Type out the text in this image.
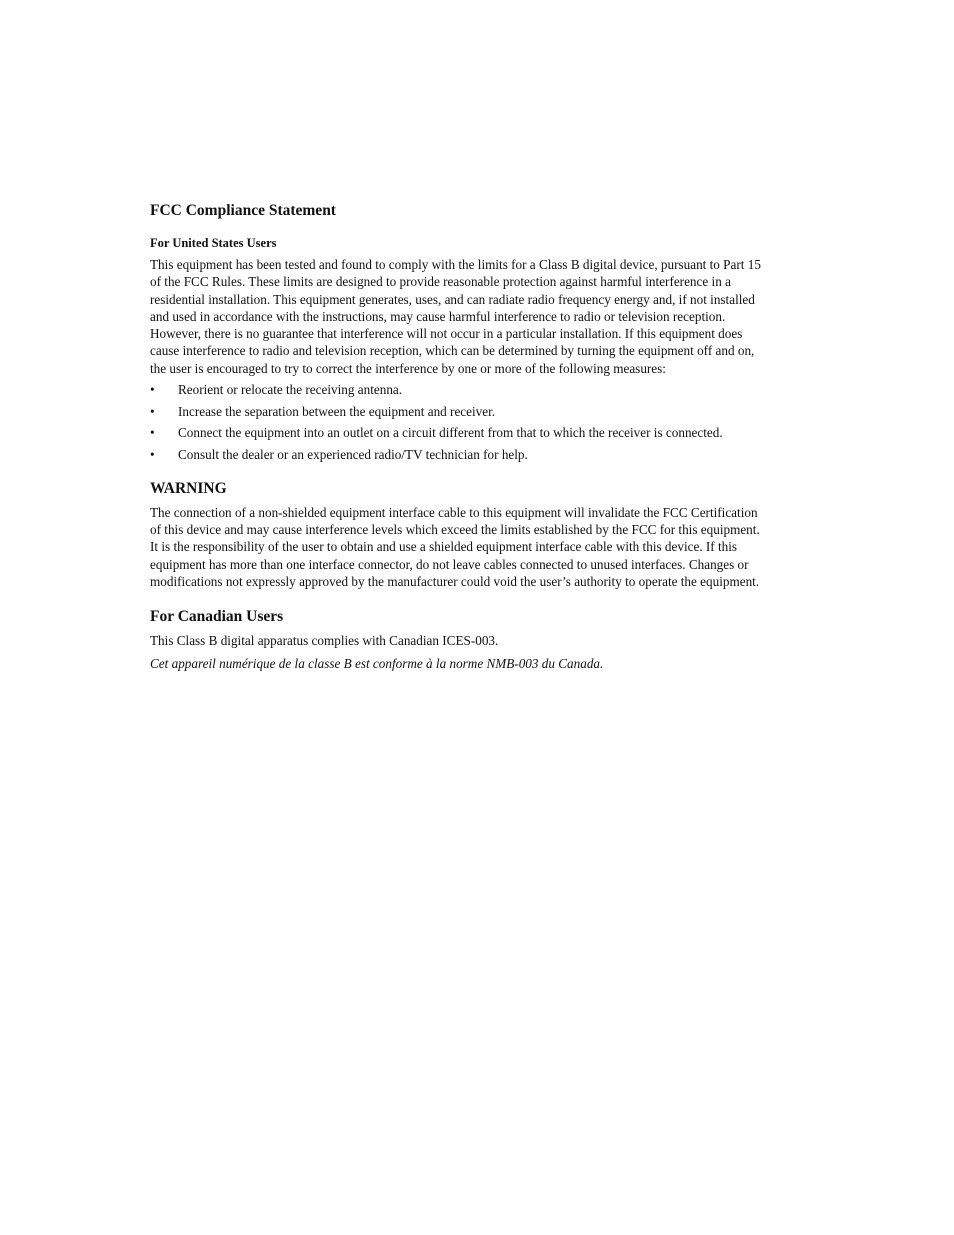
FCC Compliance Statement
For United States Users

This equipment has been tested and found to comply with the limits for a Class B digital device, pursuant to Part 15 of the FCC Rules. These limits are designed to provide reasonable protection against harmful interference in a residential installation. This equipment generates, uses, and can radiate radio frequency energy and, if not installed and used in accordance with the instructions, may cause harmful interference to radio or television reception. However, there is no guarantee that interference will not occur in a particular installation. If this equipment does cause interference to radio and television reception, which can be determined by turning the equipment off and on, the user is encouraged to try to correct the interference by one or more of the following measures:

•	Reorient or relocate the receiving antenna.
•	Increase the separation between the equipment and receiver.
•	Connect the equipment into an outlet on a circuit different from that to which the receiver is connected.
•	Consult the dealer or an experienced radio/TV technician for help.
WARNING

The connection of a non-shielded equipment interface cable to this equipment will invalidate the FCC Certification of this device and may cause interference levels which exceed the limits established by the FCC for this equipment. It is the responsibility of the user to obtain and use a shielded equipment interface cable with this device. If this equipment has more than one interface connector, do not leave cables connected to unused interfaces. Changes or modifications not expressly approved by the manufacturer could void the user’s authority to operate the equipment.

For Canadian Users

This Class B digital apparatus complies with Canadian ICES-003.

Cet appareil numérique de la classe B est conforme à la norme NMB-003 du Canada.
